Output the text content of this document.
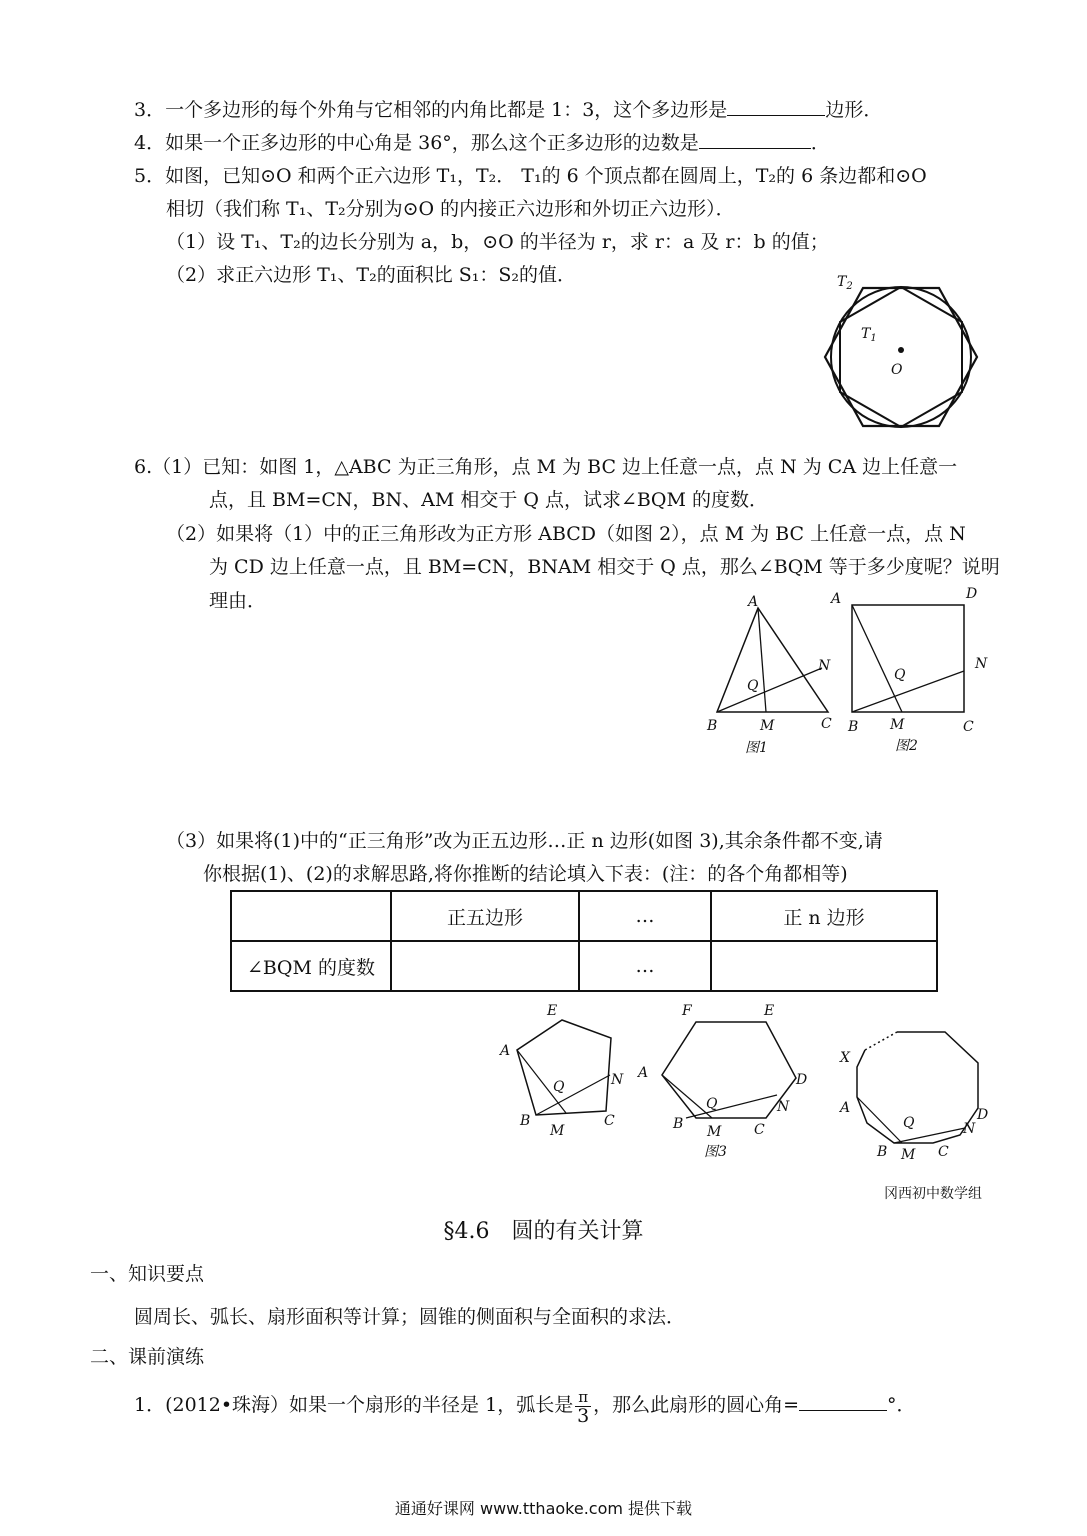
3．一个多边形的每个外角与它相邻的内角比都是 1：3，这个多边形是	边形．
4．如果一个正多边形的中心角是 36°，那么这个正多边形的边数是	．
5．如图，已知⊙O 和两个正六边形 T₁，T₂． T₁的 6 个顶点都在圆周上，T₂的 6 条边都和⊙O
相切（我们称 T₁、T₂分别为⊙O 的内接正六边形和外切正六边形）．
（1）设 T₁、T₂的边长分别为 a，b，⊙O 的半径为 r，求 r：a 及 r：b 的值；
（2）求正六边形 T₁、T₂的面积比 S₁：S₂的值．	$T_2$
$T_1$
O
6.（1）已知：如图 1，△ABC 为正三角形，点 M 为 BC 边上任意一点，点 N 为 CA 边上任意一
点，且 BM=CN，BN、AM 相交于 Q 点，试求∠BQM 的度数．
（2）如果将（1）中的正三角形改为正方形 ABCD（如图 2），点 M 为 BC 上任意一点，点 N
为 CD 边上任意一点，且 BM=CN，BNAM 相交于 Q 点，那么∠BQM 等于多少度呢？说明
理由．	A
B	C
M
N
Q
图1
A	D
B	C
M
N
Q
图2
（3）如果将(1)中的“正三角形”改为正五边形…正 n 边形(如图 3),其余条件都不变,请
你根据(1)、(2)的求解思路,将你推断的结论填入下表：(注：的各个角都相等)
	正五边形	…	正 n 边形
∠BQM 的度数		…	
E
A
N
B	C
M
Q
F	E
A	D
N
B	C
M
Q
图3
X
A	D
N
B	C
M
Q
冈西初中数学组
§4.6　圆的有关计算
一、知识要点
圆周长、弧长、扇形面积等计算；圆锥的侧面积与全面积的求法．
二、课前演练
1．(2012•珠海）如果一个扇形的半径是 1，弧长是 $\frac{\pi}{3}$ ，那么此扇形的圆心角=	°．
通通好课网 www.tthaoke.com 提供下载
